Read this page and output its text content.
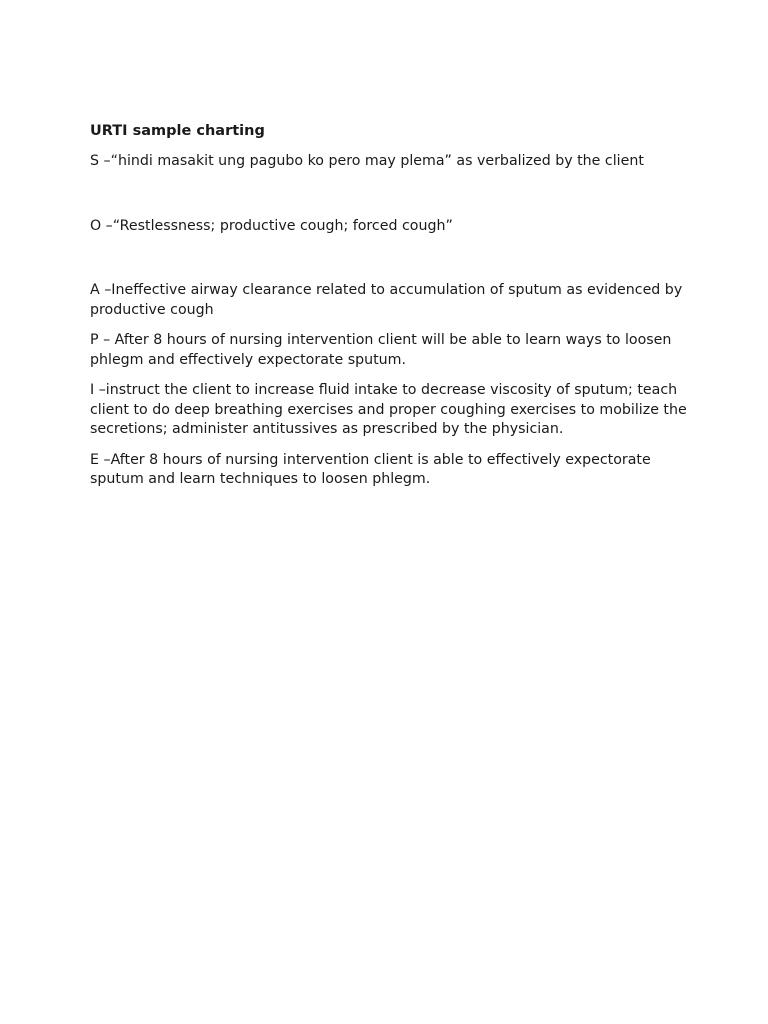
URTI sample charting

S –“hindi masakit ung pagubo ko pero may plema” as verbalized by the client

O –“Restlessness; productive cough; forced cough”

A –Ineffective airway clearance related to accumulation of sputum as evidenced by productive cough

P – After 8 hours of nursing intervention client will be able to learn ways to loosen phlegm and effectively expectorate sputum.

I –instruct the client to increase fluid intake to decrease viscosity of sputum; teach client to do deep breathing exercises and proper coughing exercises to mobilize the secretions; administer antitussives as prescribed by the physician.

E –After 8 hours of nursing intervention client is able to effectively expectorate sputum and learn techniques to loosen phlegm.
